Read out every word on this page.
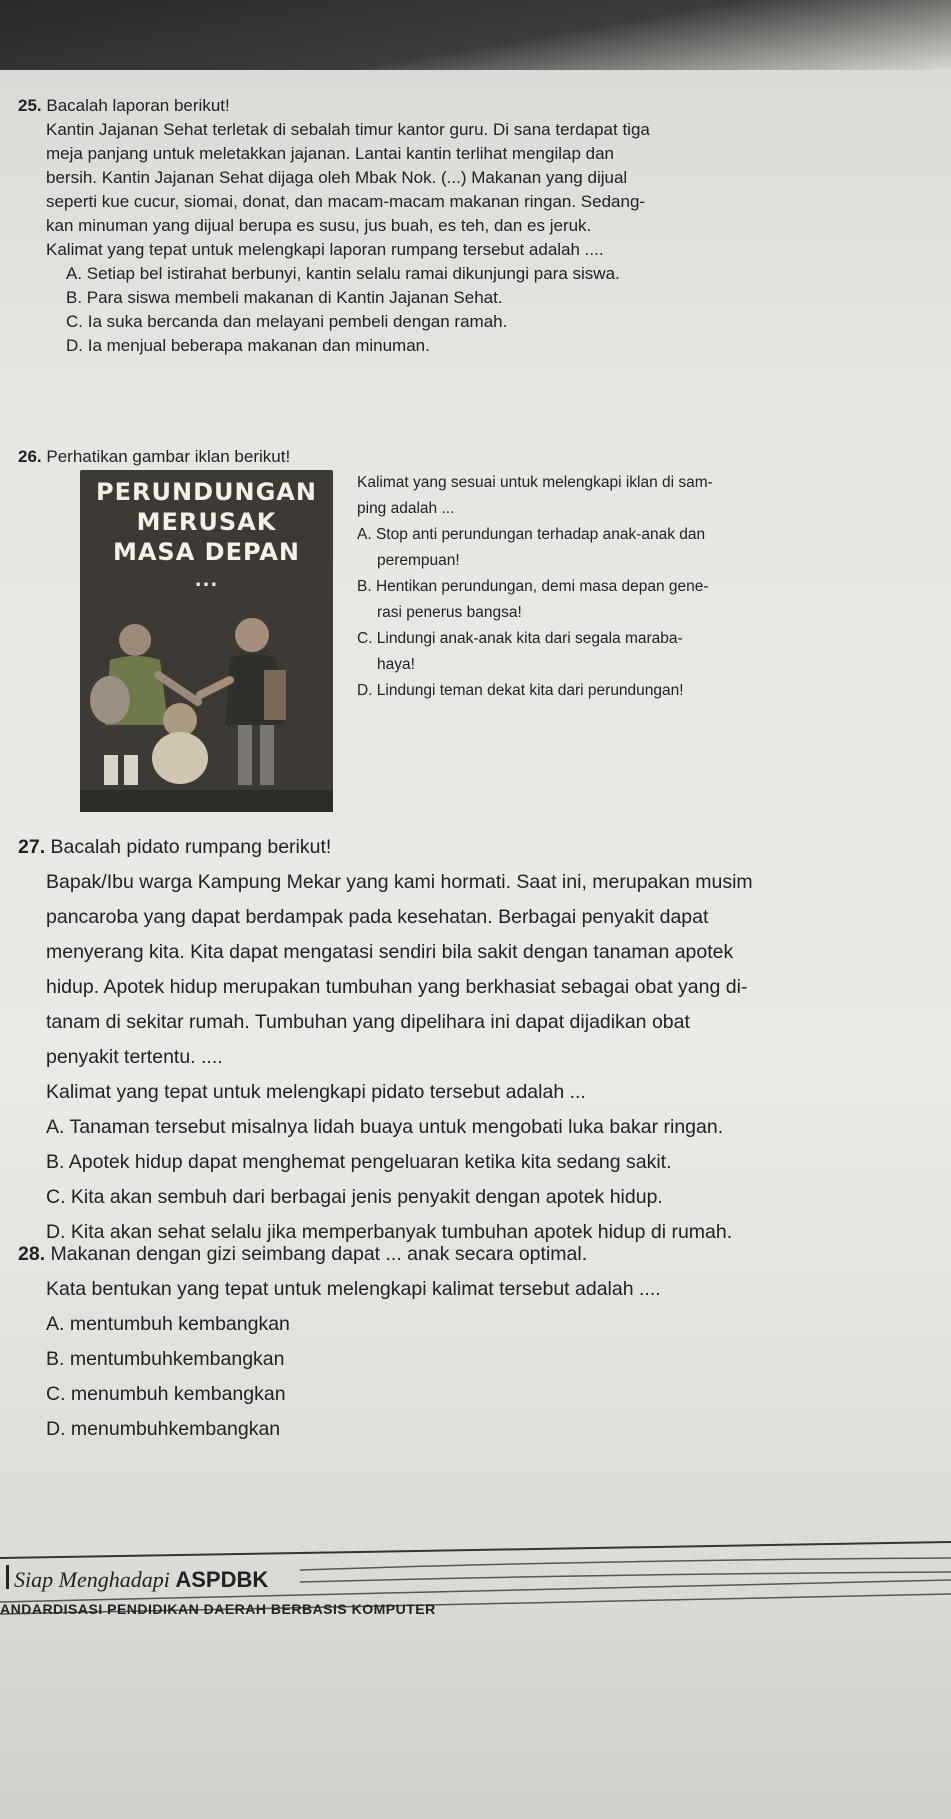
25. Bacalah laporan berikut!
Kantin Jajanan Sehat terletak di sebalah timur kantor guru. Di sana terdapat tiga
meja panjang untuk meletakkan jajanan. Lantai kantin terlihat mengilap dan
bersih. Kantin Jajanan Sehat dijaga oleh Mbak Nok. (...) Makanan yang dijual
seperti kue cucur, siomai, donat, dan macam-macam makanan ringan. Sedang-
kan minuman yang dijual berupa es susu, jus buah, es teh, dan es jeruk.
Kalimat yang tepat untuk melengkapi laporan rumpang tersebut adalah ....
A. Setiap bel istirahat berbunyi, kantin selalu ramai dikunjungi para siswa.
B. Para siswa membeli makanan di Kantin Jajanan Sehat.
C. Ia suka bercanda dan melayani pembeli dengan ramah.
D. Ia menjual beberapa makanan dan minuman.
26. Perhatikan gambar iklan berikut!
PERUNDUNGAN
MERUSAK
MASA DEPAN
...
Kalimat yang sesuai untuk melengkapi iklan di sam-
ping adalah ...
A. Stop anti perundungan terhadap anak-anak dan
perempuan!
B. Hentikan perundungan, demi masa depan gene-
rasi penerus bangsa!
C. Lindungi anak-anak kita dari segala maraba-
haya!
D. Lindungi teman dekat kita dari perundungan!
27. Bacalah pidato rumpang berikut!
Bapak/Ibu warga Kampung Mekar yang kami hormati. Saat ini, merupakan musim
pancaroba yang dapat berdampak pada kesehatan. Berbagai penyakit dapat
menyerang kita. Kita dapat mengatasi sendiri bila sakit dengan tanaman apotek
hidup. Apotek hidup merupakan tumbuhan yang berkhasiat sebagai obat yang di-
tanam di sekitar rumah. Tumbuhan yang dipelihara ini dapat dijadikan obat
penyakit tertentu. ....
Kalimat yang tepat untuk melengkapi pidato tersebut adalah ...
A. Tanaman tersebut misalnya lidah buaya untuk mengobati luka bakar ringan.
B. Apotek hidup dapat menghemat pengeluaran ketika kita sedang sakit.
C. Kita akan sembuh dari berbagai jenis penyakit dengan apotek hidup.
D. Kita akan sehat selalu jika memperbanyak tumbuhan apotek hidup di rumah.
28. Makanan dengan gizi seimbang dapat ... anak secara optimal.
Kata bentukan yang tepat untuk melengkapi kalimat tersebut adalah ....
A. mentumbuh kembangkan
B. mentumbuhkembangkan
C. menumbuh kembangkan
D. menumbuhkembangkan
Siap Menghadapi ASPDBK
ANDARDISASI PENDIDIKAN DAERAH BERBASIS KOMPUTER
